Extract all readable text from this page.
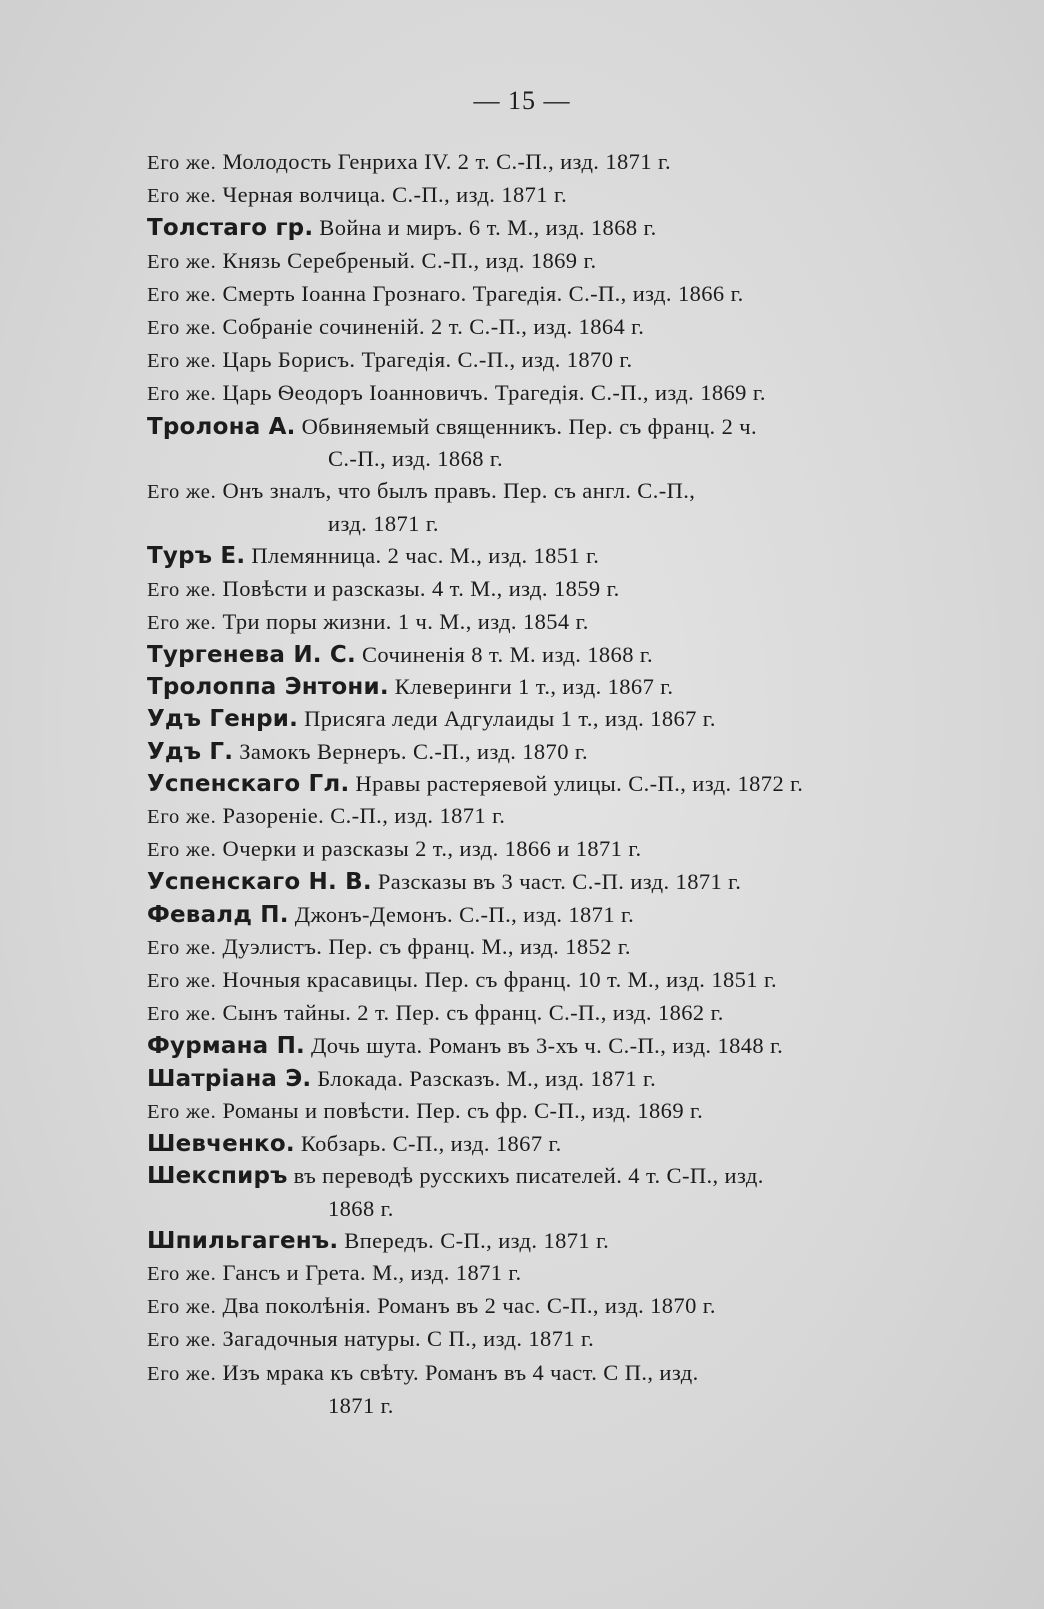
— 15 —
Его же. Молодость Генриха IV. 2 т. С.-П., изд. 1871 г.
Его же. Черная волчица. С.-П., изд. 1871 г.
Толстаго гр. Война и миръ. 6 т. М., изд. 1868 г.
Его же. Князь Серебреный. С.-П., изд. 1869 г.
Его же. Смерть Іоанна Грознаго. Трагедія. С.-П., изд. 1866 г.
Его же. Собраніе сочиненій. 2 т. С.-П., изд. 1864 г.
Его же. Царь Борисъ. Трагедія. С.-П., изд. 1870 г.
Его же. Царь Ѳеодоръ Іоанновичъ. Трагедія. С.-П., изд. 1869 г.
Тролона А. Обвиняемый священникъ. Пер. съ франц. 2 ч.
С.-П., изд. 1868 г.
Его же. Онъ зналъ, что былъ правъ. Пер. съ англ. С.-П.,
изд. 1871 г.
Туръ Е. Племянница. 2 час. М., изд. 1851 г.
Его же. Повѣсти и разсказы. 4 т. М., изд. 1859 г.
Его же. Три поры жизни. 1 ч. М., изд. 1854 г.
Тургенева И. С. Сочиненія 8 т. М. изд. 1868 г.
Тролоппа Энтони. Клеверинги 1 т., изд. 1867 г.
Удъ Генри. Присяга леди Адгулаиды 1 т., изд. 1867 г.
Удъ Г. Замокъ Вернеръ. С.-П., изд. 1870 г.
Успенскаго Гл. Нравы растеряевой улицы. С.-П., изд. 1872 г.
Его же. Разореніе. С.-П., изд. 1871 г.
Его же. Очерки и разсказы 2 т., изд. 1866 и 1871 г.
Успенскаго Н. В. Разсказы въ 3 част. С.-П. изд. 1871 г.
Февалд П. Джонъ-Демонъ. С.-П., изд. 1871 г.
Его же. Дуэлистъ. Пер. съ франц. М., изд. 1852 г.
Его же. Ночныя красавицы. Пер. съ франц. 10 т. М., изд. 1851 г.
Его же. Сынъ тайны. 2 т. Пер. съ франц. С.-П., изд. 1862 г.
Фурмана П. Дочь шута. Романъ въ 3-хъ ч. С.-П., изд. 1848 г.
Шатріана Э. Блокада. Разсказъ. М., изд. 1871 г.
Его же. Романы и повѣсти. Пер. съ фр. С-П., изд. 1869 г.
Шевченко. Кобзарь. С-П., изд. 1867 г.
Шекспиръ въ переводѣ русскихъ писателей. 4 т. С-П., изд.
1868 г.
Шпильгагенъ. Впередъ. С-П., изд. 1871 г.
Его же. Гансъ и Грета. М., изд. 1871 г.
Его же. Два поколѣнія. Романъ въ 2 час. С-П., изд. 1870 г.
Его же. Загадочныя натуры. С П., изд. 1871 г.
Его же. Изъ мрака къ свѣту. Романъ въ 4 част. С П., изд.
1871 г.
